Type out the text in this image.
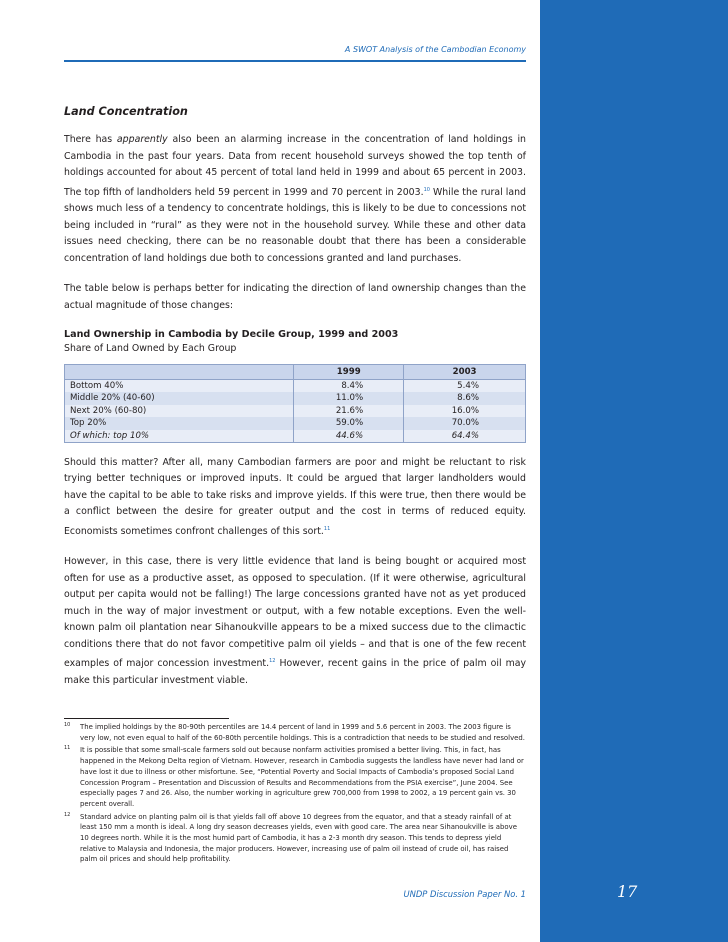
17
A SWOT Analysis of the Cambodian Economy
Land Concentration

There has apparently also been an alarming increase in the concentration of land holdings in Cambodia in the past four years. Data from recent household surveys showed the top tenth of holdings accounted for about 45 percent of total land held in 1999 and about 65 percent in 2003. The top fifth of landholders held 59 percent in 1999 and 70 percent in 2003.10 While the rural land shows much less of a tendency to concentrate holdings, this is likely to be due to concessions not being included in “rural” as they were not in the household survey. While these and other data issues need checking, there can be no reasonable doubt that there has been a considerable concentration of land holdings due both to concessions granted and land purchases.

The table below is perhaps better for indicating the direction of land ownership changes than the actual magnitude of those changes:

Land Ownership in Cambodia by Decile Group, 1999 and 2003
Share of Land Owned by Each Group
	1999	2003
Bottom 40%	8.4%	5.4%
Middle 20% (40-60)	11.0%	8.6%
Next 20% (60-80)	21.6%	16.0%
Top 20%	59.0%	70.0%
Of which: top 10%	44.6%	64.4%

Should this matter? After all, many Cambodian farmers are poor and might be reluctant to risk trying better techniques or improved inputs. It could be argued that larger landholders would have the capital to be able to take risks and improve yields. If this were true, then there would be a conflict between the desire for greater output and the cost in terms of reduced equity. Economists sometimes confront challenges of this sort.$^{11}$

However, in this case, there is very little evidence that land is being bought or acquired most often for use as a productive asset, as opposed to speculation. (If it were otherwise, agricultural output per capita would not be falling!) The large concessions granted have not as yet produced much in the way of major investment or output, with a few notable exceptions. Even the well-known palm oil plantation near Sihanoukville appears to be a mixed success due to the climactic conditions there that do not favor competitive palm oil yields – and that is one of the few recent examples of major concession investment.$^{12}$ However, recent gains in the price of palm oil may make this particular investment viable.

10 The implied holdings by the 80-90th percentiles are 14.4 percent of land in 1999 and 5.6 percent in 2003. The 2003 figure is very low, not even equal to half of the 60-80th percentile holdings. This is a contradiction that needs to be studied and resolved.
11 It is possible that some small-scale farmers sold out because nonfarm activities promised a better living. This, in fact, has happened in the Mekong Delta region of Vietnam. However, research in Cambodia suggests the landless have never had land or have lost it due to illness or other misfortune. See, “Potential Poverty and Social Impacts of Cambodia’s proposed Social Land Concession Program – Presentation and Discussion of Results and Recommendations from the PSIA exercise”, June 2004. See especially pages 7 and 26. Also, the number working in agriculture grew 700,000 from 1998 to 2002, a 19 percent gain vs. 30 percent overall.
12 Standard advice on planting palm oil is that yields fall off above 10 degrees from the equator, and that a steady rainfall of at least 150 mm a month is ideal. A long dry season decreases yields, even with good care. The area near Sihanoukville is above 10 degrees north. While it is the most humid part of Cambodia, it has a 2-3 month dry season. This tends to depress yield relative to Malaysia and Indonesia, the major producers. However, increasing use of palm oil instead of crude oil, has raised palm oil prices and should help profitability.
UNDP Discussion Paper No. 1
